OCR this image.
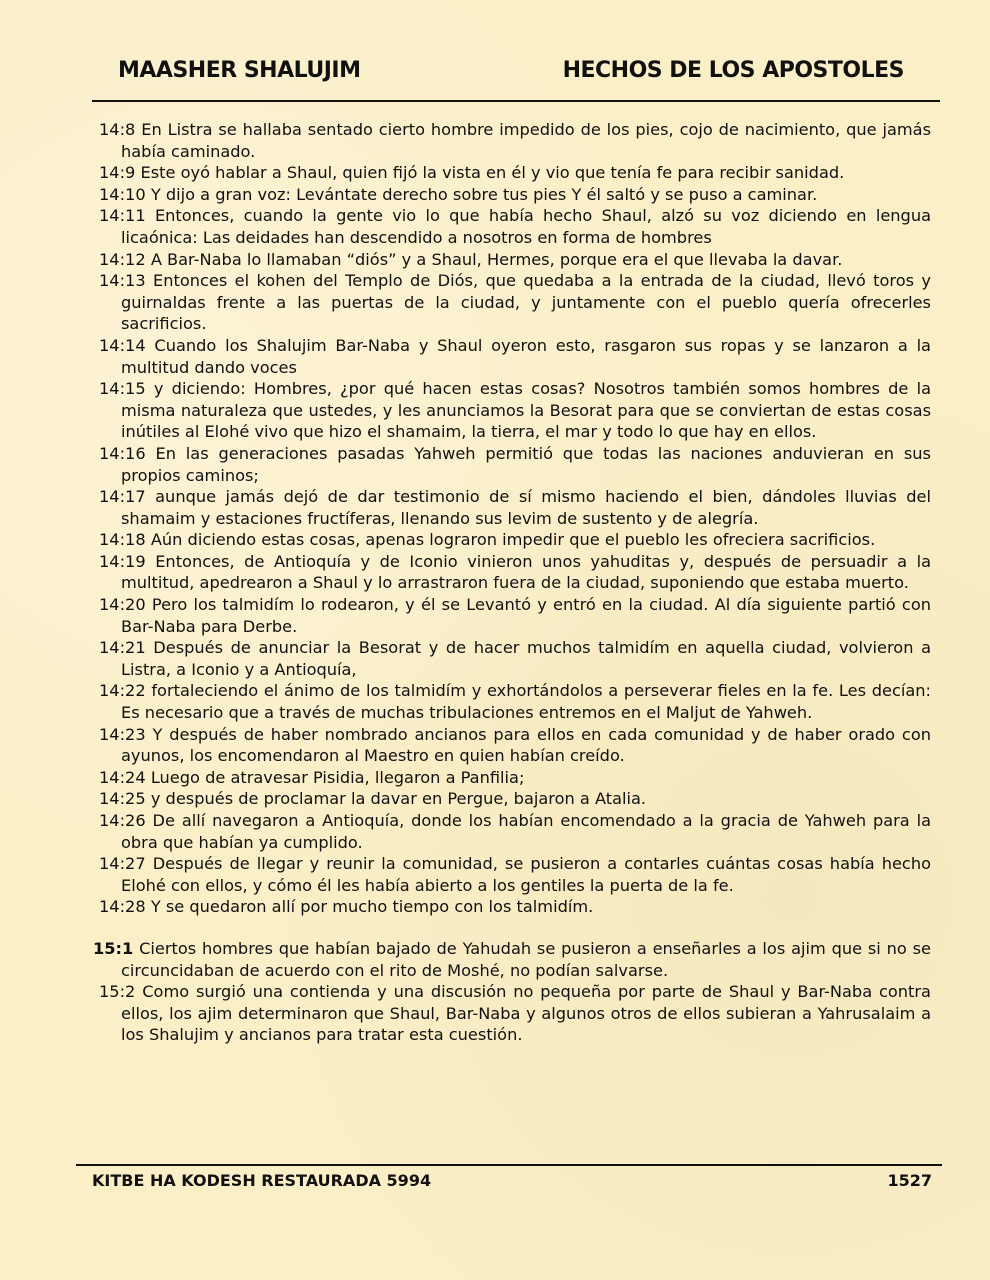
MAASHER SHALUJIM	HECHOS DE LOS APOSTOLES

14:8 En Listra se hallaba sentado cierto hombre impedido de los pies, cojo de nacimiento, que jamás había caminado.

14:9 Este oyó hablar a Shaul, quien fijó la vista en él y vio que tenía fe para recibir sanidad.

14:10 Y dijo a gran voz: Levántate derecho sobre tus pies Y él saltó y se puso a caminar.

14:11 Entonces, cuando la gente vio lo que había hecho Shaul, alzó su voz diciendo en lengua licaónica: Las deidades han descendido a nosotros en forma de hombres

14:12 A Bar-Naba lo llamaban “diós” y a Shaul, Hermes, porque era el que llevaba la davar.

14:13 Entonces el kohen del Templo de Diós, que quedaba a la entrada de la ciudad, llevó toros y guirnaldas frente a las puertas de la ciudad, y juntamente con el pueblo quería ofrecerles sacrificios.

14:14 Cuando los Shalujim Bar-Naba y Shaul oyeron esto, rasgaron sus ropas y se lanzaron a la multitud dando voces

14:15 y diciendo: Hombres, ¿por qué hacen estas cosas? Nosotros también somos hombres de la misma naturaleza que ustedes, y les anunciamos la Besorat para que se conviertan de estas cosas inútiles al Elohé vivo que hizo el shamaim, la tierra, el mar y todo lo que hay en ellos.

14:16 En las generaciones pasadas Yahweh permitió que todas las naciones anduvieran en sus propios caminos;

14:17 aunque jamás dejó de dar testimonio de sí mismo haciendo el bien, dándoles lluvias del shamaim y estaciones fructíferas, llenando sus levim de sustento y de alegría.

14:18 Aún diciendo estas cosas, apenas lograron impedir que el pueblo les ofreciera sacrificios.

14:19 Entonces, de Antioquía y de Iconio vinieron unos yahuditas y, después de persuadir a la multitud, apedrearon a Shaul y lo arrastraron fuera de la ciudad, suponiendo que estaba muerto.

14:20 Pero los talmidím lo rodearon, y él se Levantó y entró en la ciudad. Al día siguiente partió con Bar-Naba para Derbe.

14:21 Después de anunciar la Besorat y de hacer muchos talmidím en aquella ciudad, volvieron a Listra, a Iconio y a Antioquía,

14:22 fortaleciendo el ánimo de los talmidím y exhortándolos a perseverar fieles en la fe. Les decían: Es necesario que a través de muchas tribulaciones entremos en el Maljut de Yahweh.

14:23 Y después de haber nombrado ancianos para ellos en cada comunidad y de haber orado con ayunos, los encomendaron al Maestro en quien habían creído.

14:24 Luego de atravesar Pisidia, llegaron a Panfilia;

14:25 y después de proclamar la davar en Pergue, bajaron a Atalia.

14:26 De allí navegaron a Antioquía, donde los habían encomendado a la gracia de Yahweh para la obra que habían ya cumplido.

14:27 Después de llegar y reunir la comunidad, se pusieron a contarles cuántas cosas había hecho Elohé con ellos, y cómo él les había abierto a los gentiles la puerta de la fe.

14:28 Y se quedaron allí por mucho tiempo con los talmidím.

15:1 Ciertos hombres que habían bajado de Yahudah se pusieron a enseñarles a los ajim que si no se circuncidaban de acuerdo con el rito de Moshé, no podían salvarse.

15:2 Como surgió una contienda y una discusión no pequeña por parte de Shaul y Bar-Naba contra ellos, los ajim determinaron que Shaul, Bar-Naba y algunos otros de ellos subieran a Yahrusalaim a los Shalujim y ancianos para tratar esta cuestión.

KITBE HA KODESH RESTAURADA 5994	1527
